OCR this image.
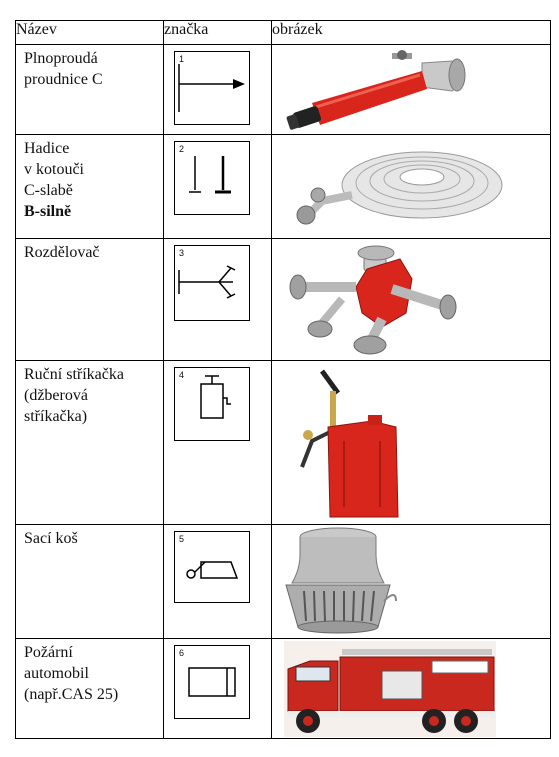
Název	značka	obrázek

Plnoproudá
proudnice C	1

Hadice
v kotouči
C-slabě
B-silně	2

Rozdělovač	3

Ruční stříkačka
(džberová
stříkačka)	4

Sací koš	5

Požární
automobil
(např.CAS 25)	6
